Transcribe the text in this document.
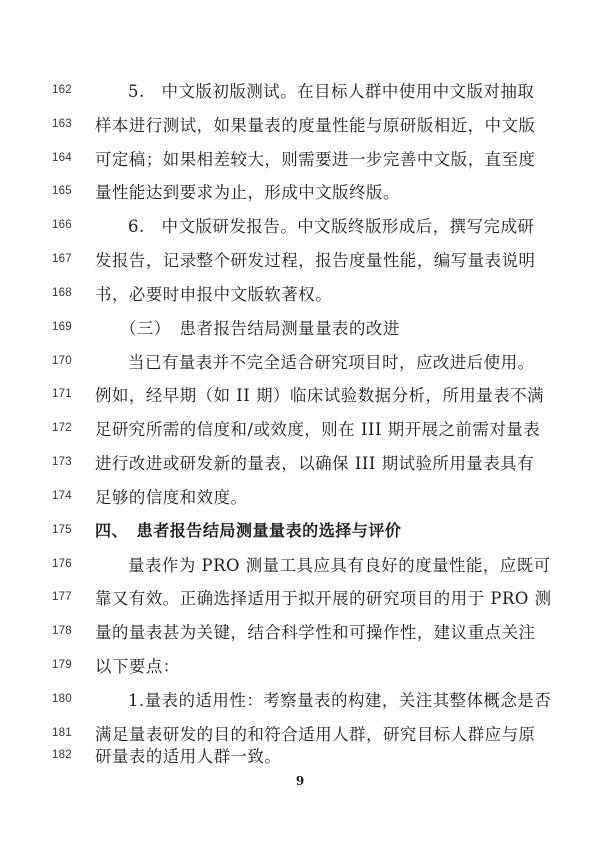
162	5.　中文版初版测试。在目标人群中使用中文版对抽取
163	样本进行测试，如果量表的度量性能与原研版相近，中文版
164	可定稿；如果相差较大，则需要进一步完善中文版，直至度
165	量性能达到要求为止，形成中文版终版。
166	6.　中文版研发报告。中文版终版形成后，撰写完成研
167	发报告，记录整个研发过程，报告度量性能，编写量表说明
168	书，必要时申报中文版软著权。
169	（三）　患者报告结局测量量表的改进
170	当已有量表并不完全适合研究项目时，应改进后使用。
171	例如，经早期（如 II 期）临床试验数据分析，所用量表不满
172	足研究所需的信度和/或效度，则在 III 期开展之前需对量表
173	进行改进或研发新的量表，以确保 III 期试验所用量表具有
174	足够的信度和效度。
175	四、　患者报告结局测量量表的选择与评价
176	量表作为 PRO 测量工具应具有良好的度量性能，应既可
177	靠又有效。正确选择适用于拟开展的研究项目的用于 PRO 测
178	量的量表甚为关键，结合科学性和可操作性，建议重点关注
179	以下要点：
180	1.量表的适用性：考察量表的构建，关注其整体概念是否
181	满足量表研发的目的和符合适用人群，研究目标人群应与原
182	研量表的适用人群一致。
9
